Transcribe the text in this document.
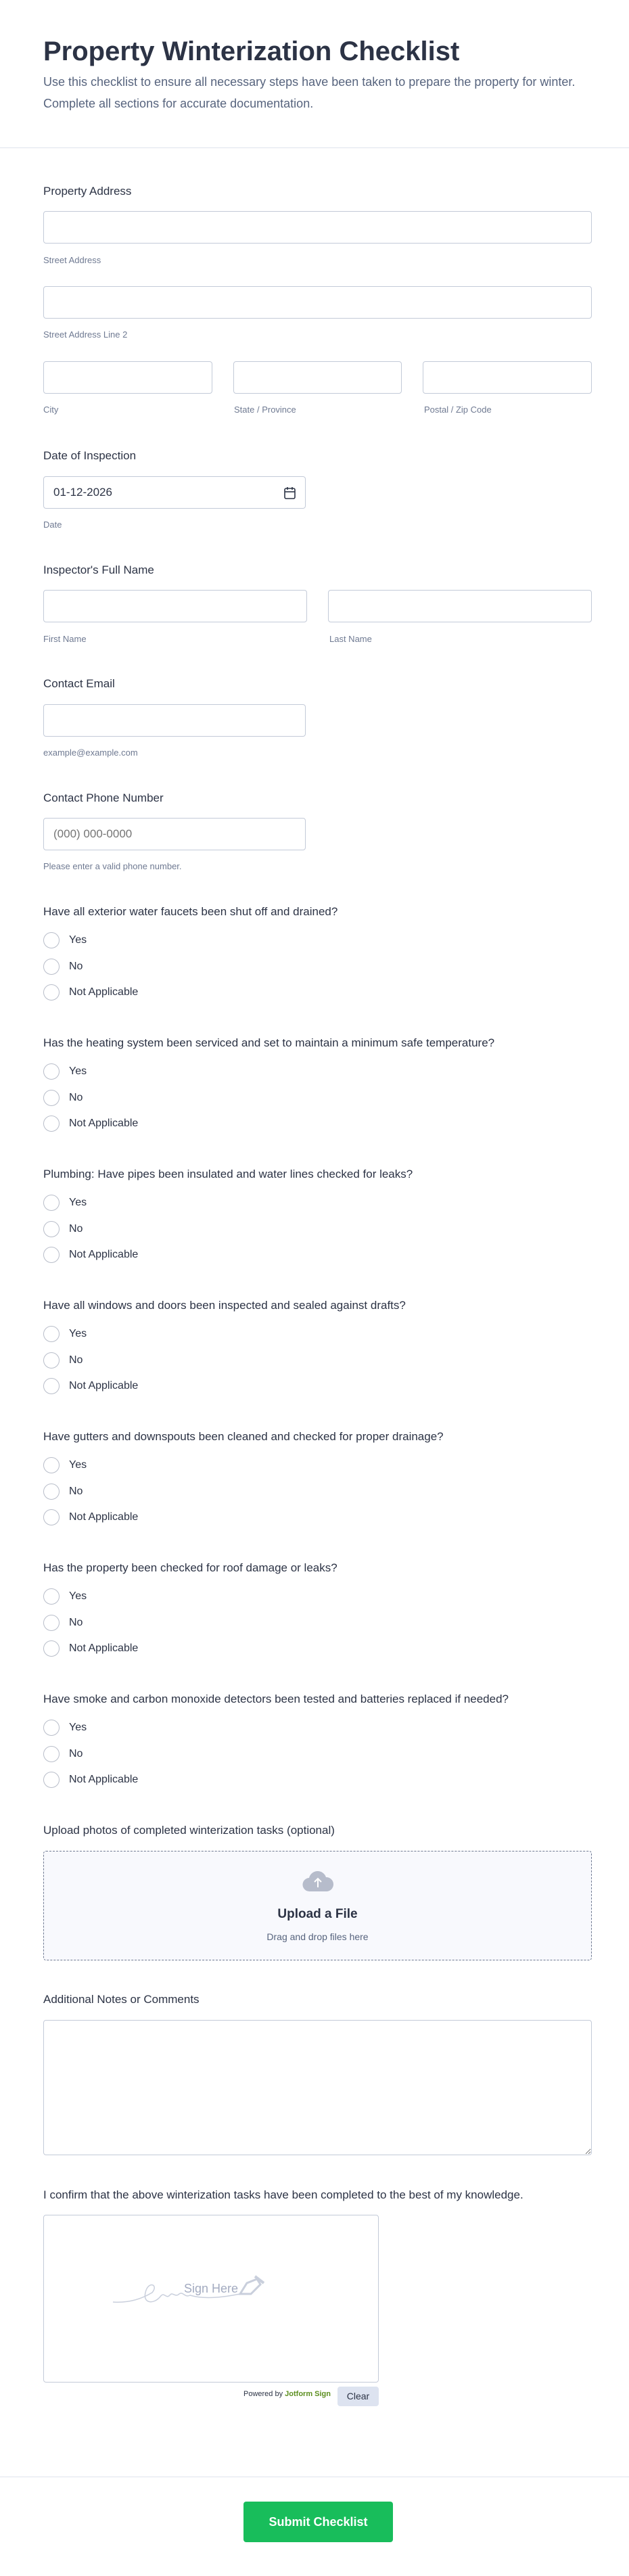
Property Winterization Checklist

Use this checklist to ensure all necessary steps have been taken to prepare the property for winter. Complete all sections for accurate documentation.

Property Address
Street Address
Street Address Line 2
City	State / Province	Postal / Zip Code
Date of Inspection
01-12-2026
Date
Inspector's Full Name
First Name	Last Name
Contact Email
example@example.com
Contact Phone Number
(000) 000-0000
Please enter a valid phone number.
Have all exterior water faucets been shut off and drained?
Yes
No
Not Applicable
Has the heating system been serviced and set to maintain a minimum safe temperature?
Yes
No
Not Applicable
Plumbing: Have pipes been insulated and water lines checked for leaks?
Yes
No
Not Applicable
Have all windows and doors been inspected and sealed against drafts?
Yes
No
Not Applicable
Have gutters and downspouts been cleaned and checked for proper drainage?
Yes
No
Not Applicable
Has the property been checked for roof damage or leaks?
Yes
No
Not Applicable
Have smoke and carbon monoxide detectors been tested and batteries replaced if needed?
Yes
No
Not Applicable
Upload photos of completed winterization tasks (optional)
Upload a File
Drag and drop files here
Additional Notes or Comments
I confirm that the above winterization tasks have been completed to the best of my knowledge.
Sign Here
Powered by Jotform Sign	Clear
Submit Checklist
